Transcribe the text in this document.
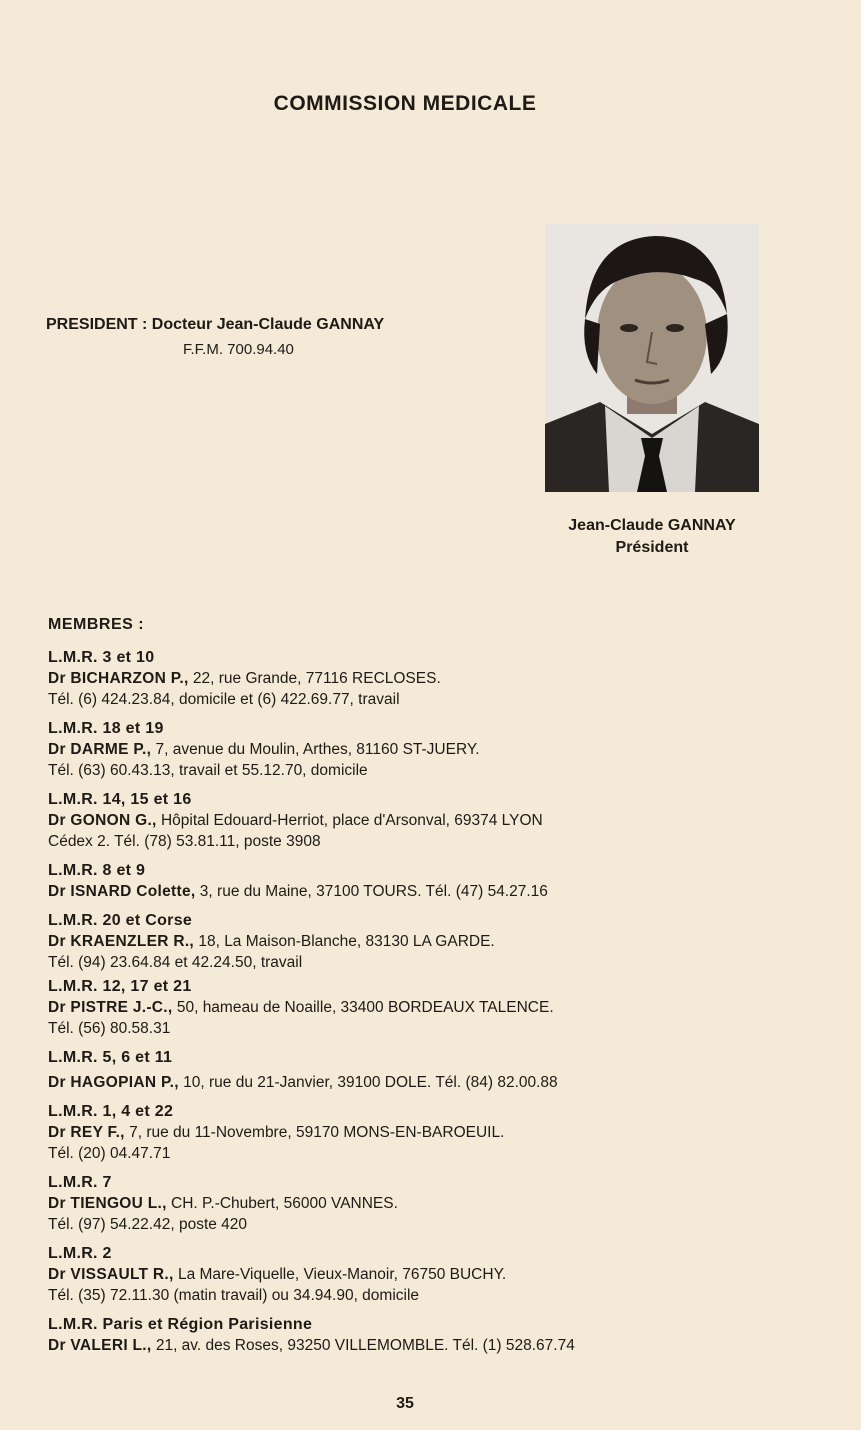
COMMISSION MEDICALE
PRESIDENT : Docteur Jean-Claude GANNAY
F.F.M. 700.94.40
Jean-Claude GANNAY
Président
MEMBRES :
L.M.R. 3 et 10
Dr BICHARZON P., 22, rue Grande, 77116 RECLOSES.
Tél. (6) 424.23.84, domicile et (6) 422.69.77, travail
L.M.R. 18 et 19
Dr DARME P., 7, avenue du Moulin, Arthes, 81160 ST-JUERY.
Tél. (63) 60.43.13, travail et 55.12.70, domicile
L.M.R. 14, 15 et 16
Dr GONON G., Hôpital Edouard-Herriot, place d'Arsonval, 69374 LYON
Cédex 2. Tél. (78) 53.81.11, poste 3908
L.M.R. 8 et 9
Dr ISNARD Colette, 3, rue du Maine, 37100 TOURS. Tél. (47) 54.27.16
L.M.R. 20 et Corse
Dr KRAENZLER R., 18, La Maison-Blanche, 83130 LA GARDE.
Tél. (94) 23.64.84 et 42.24.50, travail
L.M.R. 12, 17 et 21
Dr PISTRE J.-C., 50, hameau de Noaille, 33400 BORDEAUX TALENCE.
Tél. (56) 80.58.31
L.M.R. 5, 6 et 11
Dr HAGOPIAN P., 10, rue du 21-Janvier, 39100 DOLE. Tél. (84) 82.00.88
L.M.R. 1, 4 et 22
Dr REY F., 7, rue du 11-Novembre, 59170 MONS-EN-BAROEUIL.
Tél. (20) 04.47.71
L.M.R. 7
Dr TIENGOU L., CH. P.-Chubert, 56000 VANNES.
Tél. (97) 54.22.42, poste 420
L.M.R. 2
Dr VISSAULT R., La Mare-Viquelle, Vieux-Manoir, 76750 BUCHY.
Tél. (35) 72.11.30 (matin travail) ou 34.94.90, domicile
L.M.R. Paris et Région Parisienne
Dr VALERI L., 21, av. des Roses, 93250 VILLEMOMBLE. Tél. (1) 528.67.74
35
